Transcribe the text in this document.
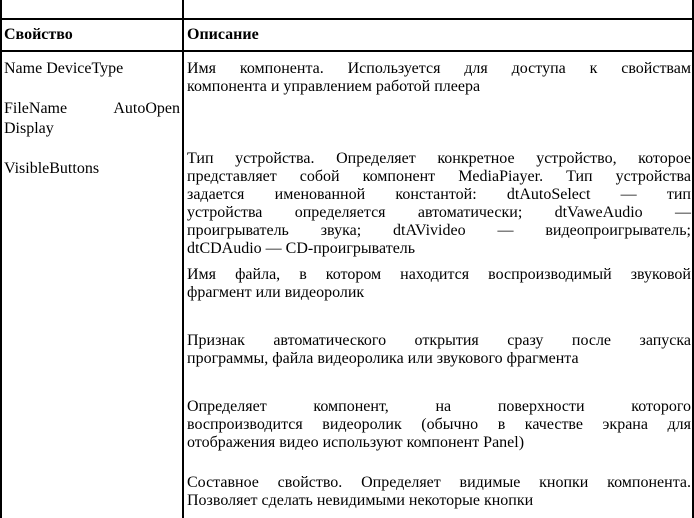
Свойство	Описание
Name DeviceType
FileName	AutoOpen
Display
VisibleButtons
Имя компонента. Используется для доступа к свойствам
компонента и управлением работой плеера
Тип устройства. Определяет конкретное устройство, которое
представляет собой компонент MediaPiayer. Тип устройства
задается именованной константой: dtAutoSelect — тип
устройства определяется автоматически; dtVaweAudio —
проигрыватель звука; dtAVivideo — видеопроигрыватель;
dtCDAudio — CD-проигрыватель
Имя файла, в котором находится воспроизводимый звуковой
фрагмент или видеоролик
Признак автоматического открытия сразу после запуска
программы, файла видеоролика или звукового фрагмента
Определяет компонент, на поверхности которого
воспроизводится видеоролик (обычно в качестве экрана для
отображения видео используют компонент Panel)
Составное свойство. Определяет видимые кнопки компонента.
Позволяет сделать невидимыми некоторые кнопки
